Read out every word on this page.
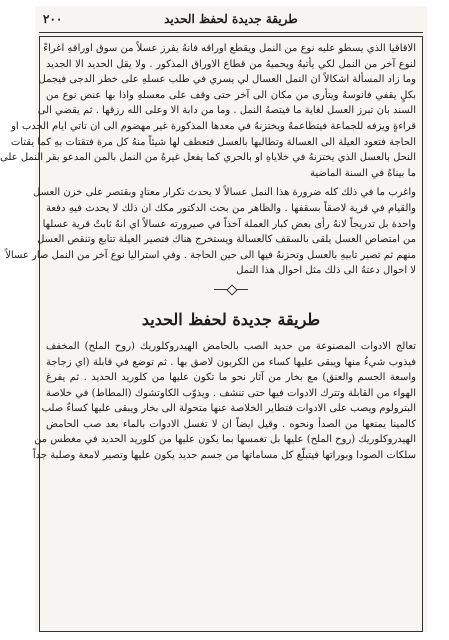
طريقة جديدة لحفظ الحديد
٢٠٠
الاقاقيا الذي يسطو عليه نوع من النمل ويقطع اوراقه فانهُ يفرز عسلاً من سوق اوراقهِ اغراءً
لنوع آخر من النمل لكي يأتيهُ ويحميهُ من قطاع الاوراق المذكور . ولا يقل الحديد الا الجديد
وما زاد المسألة اشكالاً ان النمل العسال لي يسري في طلب عسلهِ على خطر الدجى فيجمل
بكلٍ يقفي فانوسهُ ويتأرى من مكان الى آخر حتى وقف على معسلهِ واذا بها عنص نوع من
السند بان تبرز العسل لغاية ما فيتصهُ النمل . وما من دابة الا وعلى الله رزقها . ثم يقضي الى
قراءةٍ ويزفه للجماعة فيتطاعمهُ ويختزنهُ في معدها المذكورة غير مهضوم الى ان تاتي ايام الجدب او
الحاجة فتعود العيلة الى العسالة وتطالبها بالعسل فتعطف لها شيئاً منهُ كل مرة فتقتات بهِ كما يقتات
النحل بالعسل الذي يختزنهُ في خلاياهِ او بالحري كما يفعل غيرهُ من النمل بالمن المدعو بقر النمل على
ما بيناهُ في السنة الماضية
واغرب ما في ذلك كله ضرورة هذا النمل عسالاً لا يحدث تكرار معتادٍ وبقتصر على خزن العسل
والقيام في قرية لاصقاً بسقفها . والظاهر من بحث الدكتور مكك ان ذلك لا يحدث فيهِ دفعة
واحدة بل تدريجاً لانهُ رأى بعض كبار العملة آخذاً في صيرورته عسالاً اي انهُ ثابتٌ قرية عسلها
من امتصاص العسل يلقى بالسقف كالعسالة ويستخرج هناك فتصير العيلة تتابع وتنقص العسل
منهم ثم تصير تابيهِ بالعسل وتحزنهُ فيها الى حين الحاجة . وفي استراليا نوع آخر من النمل صار عسالاً
لا احوال دعتهُ الى ذلك مثل احوال هذا النمل
طريقة جديدة لحفظ الحديد
تعالج الادوات المصنوعة من حديد الصب بالحامض الهيدروكلوريك (روح الملح) المخفف
فيذوب شيءٌ منها ويبقى عليها كساء من الكربون لاصق بها . ثم توضع في قابلة (اي زجاجة
واسعة الجسم والعنق) مع بخار من آثار نحو ما تكون عليها من كلوريد الحديد . ثم يفرغ
الهواء من القابلة وتترك الادوات فيها حتى تنشف . ويذوّب الكاوتشوك (المطاط) في خلاصة
البترولوم ويصب على الادوات فتطاير الخلاصة عنها متحولة الى بخار ويبقى عليها كساءٌ صلب
كالمينا يمنعها من الصدأ ونحوه . وقيل ايضاً ان لا تغسل الادوات بالماء بعد صب الحامض
الهيدروكلوريك (روح الملح) عليها بل تغمسها بما يكون عليها من كلوريد الحديد في مغطس من
سلكات الصودا وبوراتها فيتبلّغ كل مساماتها من جسم حديد يكون عليها وتصير لامعة وصلبة جداً
